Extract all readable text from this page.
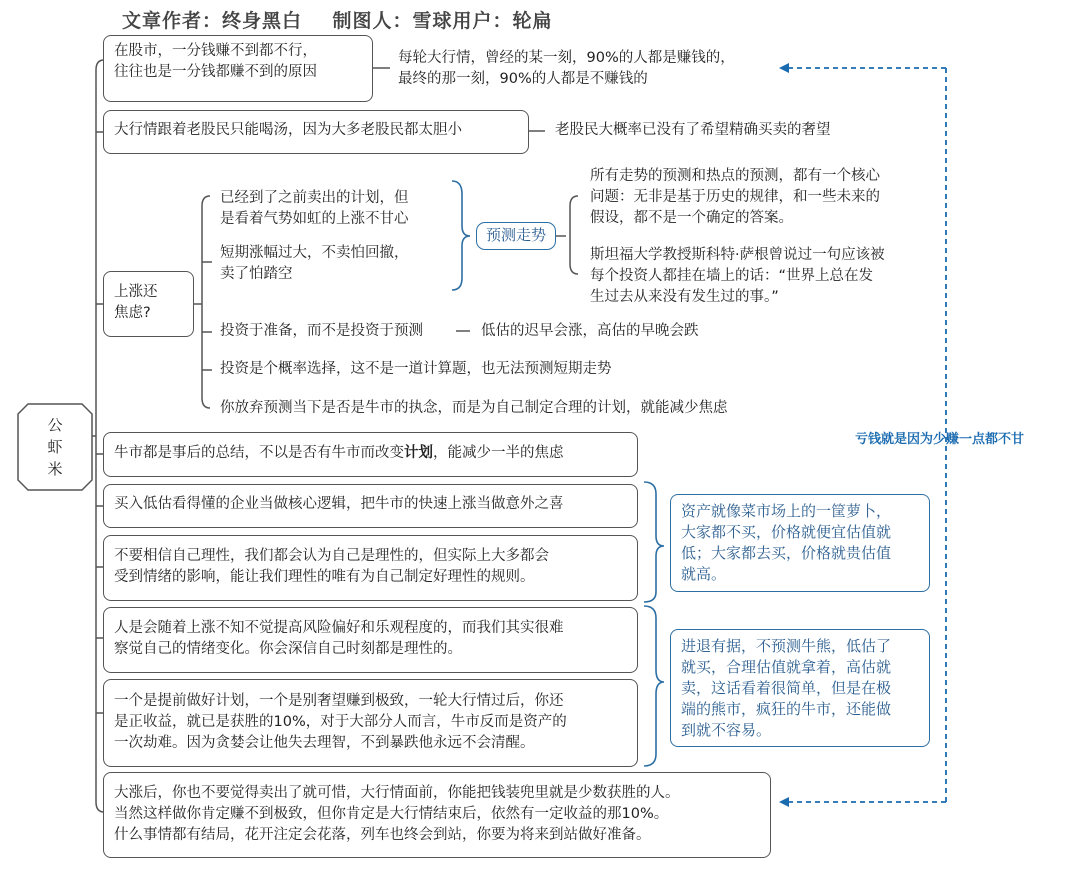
文章作者：终身黑白 制图人：雪球用户：轮扁
公
虾
米
在股市，一分钱赚不到都不行，
往往也是一分钱都赚不到的原因
每轮大行情，曾经的某一刻，90%的人都是赚钱的，
最终的那一刻，90%的人都是不赚钱的
大行情跟着老股民只能喝汤，因为大多老股民都太胆小	老股民大概率已没有了希望精确买卖的奢望
上涨还
焦虑?
已经到了之前卖出的计划，但
是看着气势如虹的上涨不甘心
短期涨幅过大，不卖怕回撤，
卖了怕踏空
预测走势
所有走势的预测和热点的预测，都有一个核心
问题：无非是基于历史的规律，和一些未来的
假设，都不是一个确定的答案。
斯坦福大学教授斯科特·萨根曾说过一句应该被
每个投资人都挂在墙上的话：“世界上总在发
生过去从来没有发生过的事。”
投资于准备，而不是投资于预测	低估的迟早会涨，高估的早晚会跌
投资是个概率选择，这不是一道计算题，也无法预测短期走势
你放弃预测当下是否是牛市的执念，而是为自己制定合理的计划，就能减少焦虑
牛市都是事后的总结，不以是否有牛市而改变计划，能减少一半的焦虑
买入低估看得懂的企业当做核心逻辑，把牛市的快速上涨当做意外之喜
不要相信自己理性，我们都会认为自己是理性的，但实际上大多都会
受到情绪的影响，能让我们理性的唯有为自己制定好理性的规则。
人是会随着上涨不知不觉提高风险偏好和乐观程度的，而我们其实很难
察觉自己的情绪变化。你会深信自己时刻都是理性的。
一个是提前做好计划，一个是别奢望赚到极致，一轮大行情过后，你还
是正收益，就已是获胜的10%，对于大部分人而言，牛市反而是资产的
一次劫难。因为贪婪会让他失去理智，不到暴跌他永远不会清醒。
大涨后，你也不要觉得卖出了就可惜，大行情面前，你能把钱装兜里就是少数获胜的人。
当然这样做你肯定赚不到极致，但你肯定是大行情结束后，依然有一定收益的那10%。
什么事情都有结局，花开注定会花落，列车也终会到站，你要为将来到站做好准备。
资产就像菜市场上的一筐萝卜，
大家都不买，价格就便宜估值就
低；大家都去买，价格就贵估值
就高。
进退有据，不预测牛熊，低估了
就买，合理估值就拿着，高估就
卖，这话看着很简单，但是在极
端的熊市，疯狂的牛市，还能做
到就不容易。
亏钱就是因为少赚一点都不甘
